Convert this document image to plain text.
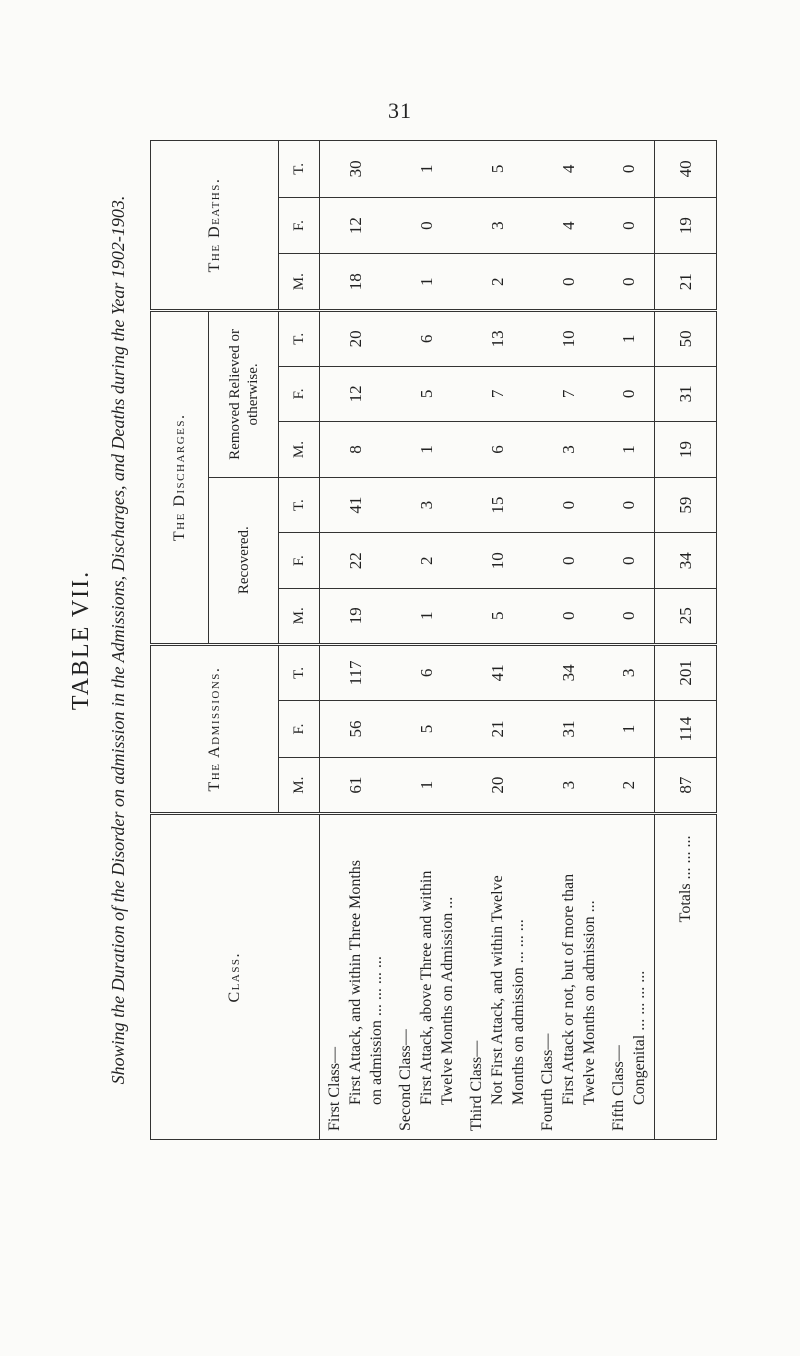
31
TABLE VII. Showing the Duration of the Disorder on admission in the Admissions, Discharges, and Deaths during the Year 1902-1903.	Class.	The Admissions.			The Discharges.						The Deaths.		
				Recovered.			Removed Relieved or otherwise.					
	M.	F.	T.	M.	F.	T.	M.	F.	T.	M.	F.	T.

First Class— First Attack, and within Three Months on admission ... ... ... ...	61	56	117	19	22	41	8	12	20	18	12	30

Second Class— First Attack, above Three and within Twelve Months on Admission ...	1	5	6	1	2	3	1	5	6	1	0	1

Third Class— Not First Attack, and within Twelve Months on admission ... ... ...	20	21	41	5	10	15	6	7	13	2	3	5

Fourth Class— First Attack or not, but of more than Twelve Months on admission ...	3	31	34	0	0	0	3	7	10	0	4	4

Fifth Class— Congenital ... ... ... ...	2	1	3	0	0	0	1	0	1	0	0	0
Totals ... ... ...	87	114	201	25	34	59	19	31	50	21	19	40
